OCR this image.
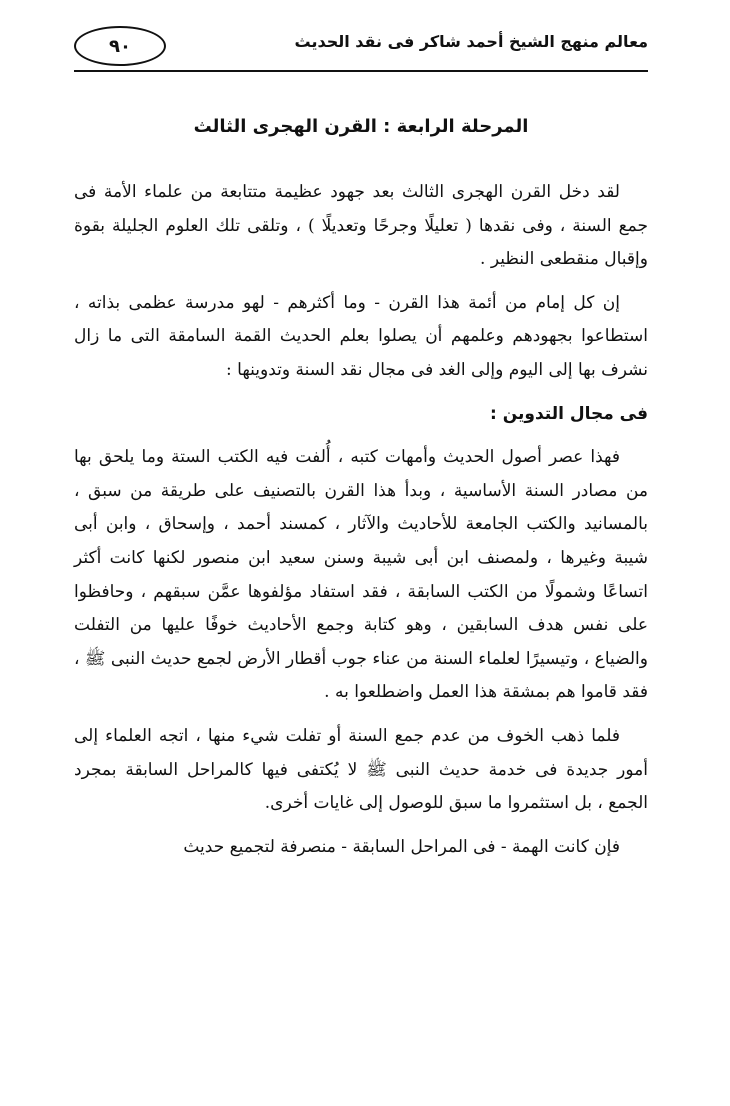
٩٠	معالم منهج الشيخ أحمد شاكر فى نقد الحديث
المرحلة الرابعة : القرن الهجرى الثالث

لقد دخل القرن الهجرى الثالث بعد جهود عظيمة متتابعة من علماء الأمة فى جمع السنة ، وفى نقدها ( تعليلًا وجرحًا وتعديلًا ) ، وتلقى تلك العلوم الجليلة بقوة وإقبال منقطعى النظير .

إن كل إمام من أئمة هذا القرن - وما أكثرهم - لهو مدرسة عظمى بذاته ، استطاعوا بجهودهم وعلمهم أن يصلوا بعلم الحديث القمة السامقة التى ما زال نشرف بها إلى اليوم وإلى الغد فى مجال نقد السنة وتدوينها :

فى مجال التدوين :

فهذا عصر أصول الحديث وأمهات كتبه ، أُلفت فيه الكتب الستة وما يلحق بها من مصادر السنة الأساسية ، وبدأ هذا القرن بالتصنيف على طريقة من سبق ، بالمسانيد والكتب الجامعة للأحاديث والآثار ، كمسند أحمد ، وإسحاق ، وابن أبى شيبة وغيرها ، ولمصنف ابن أبى شيبة وسنن سعيد ابن منصور لكنها كانت أكثر اتساعًا وشمولًا من الكتب السابقة ، فقد استفاد مؤلفوها عمَّن سبقهم ، وحافظوا على نفس هدف السابقين ، وهو كتابة وجمع الأحاديث خوفًا عليها من التفلت والضياع ، وتيسيرًا لعلماء السنة من عناء جوب أقطار الأرض لجمع حديث النبى ﷺ ، فقد قاموا هم بمشقة هذا العمل واضطلعوا به .

فلما ذهب الخوف من عدم جمع السنة أو تفلت شيء منها ، اتجه العلماء إلى أمور جديدة فى خدمة حديث النبى ﷺ لا يُكتفى فيها كالمراحل السابقة بمجرد الجمع ، بل استثمروا ما سبق للوصول إلى غايات أخرى.

فإن كانت الهمة - فى المراحل السابقة - منصرفة لتجميع حديث
